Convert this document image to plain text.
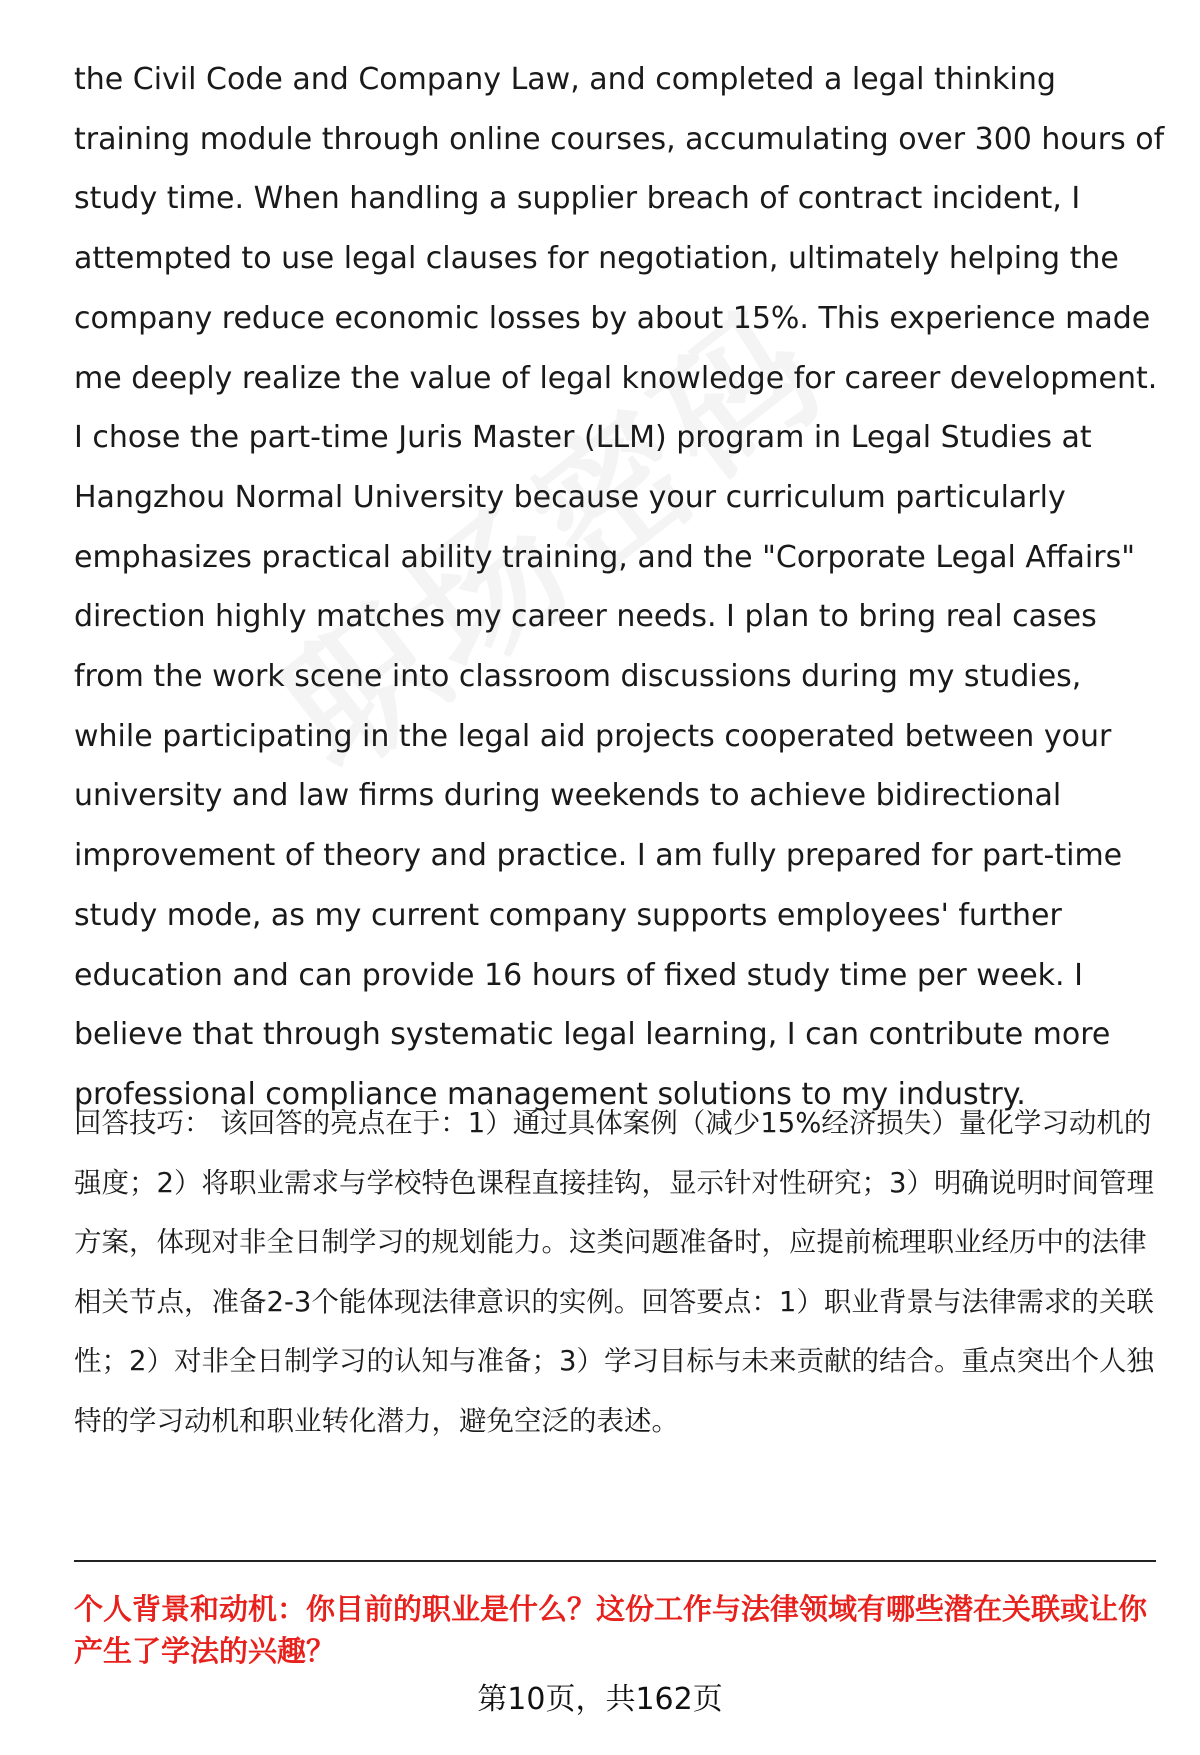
the Civil Code and Company Law, and completed a legal thinking training module through online courses, accumulating over 300 hours of study time. When handling a supplier breach of contract incident, I attempted to use legal clauses for negotiation, ultimately helping the company reduce economic losses by about 15%. This experience made me deeply realize the value of legal knowledge for career development. I chose the part-time Juris Master (LLM) program in Legal Studies at Hangzhou Normal University because your curriculum particularly emphasizes practical ability training, and the "Corporate Legal Affairs" direction highly matches my career needs. I plan to bring real cases from the work scene into classroom discussions during my studies, while participating in the legal aid projects cooperated between your university and law firms during weekends to achieve bidirectional improvement of theory and practice. I am fully prepared for part-time study mode, as my current company supports employees' further education and can provide 16 hours of fixed study time per week. I believe that through systematic legal learning, I can contribute more professional compliance management solutions to my industry.

回答技巧： 该回答的亮点在于：1）通过具体案例（减少15%经济损失）量化学习动机的强度；2）将职业需求与学校特色课程直接挂钩，显示针对性研究；3）明确说明时间管理方案，体现对非全日制学习的规划能力。这类问题准备时，应提前梳理职业经历中的法律相关节点，准备2-3个能体现法律意识的实例。回答要点：1）职业背景与法律需求的关联性；2）对非全日制学习的认知与准备；3）学习目标与未来贡献的结合。重点突出个人独特的学习动机和职业转化潜力，避免空泛的表述。

个人背景和动机：你目前的职业是什么？这份工作与法律领域有哪些潜在关联或让你产生了学法的兴趣？

第10页，共162页
